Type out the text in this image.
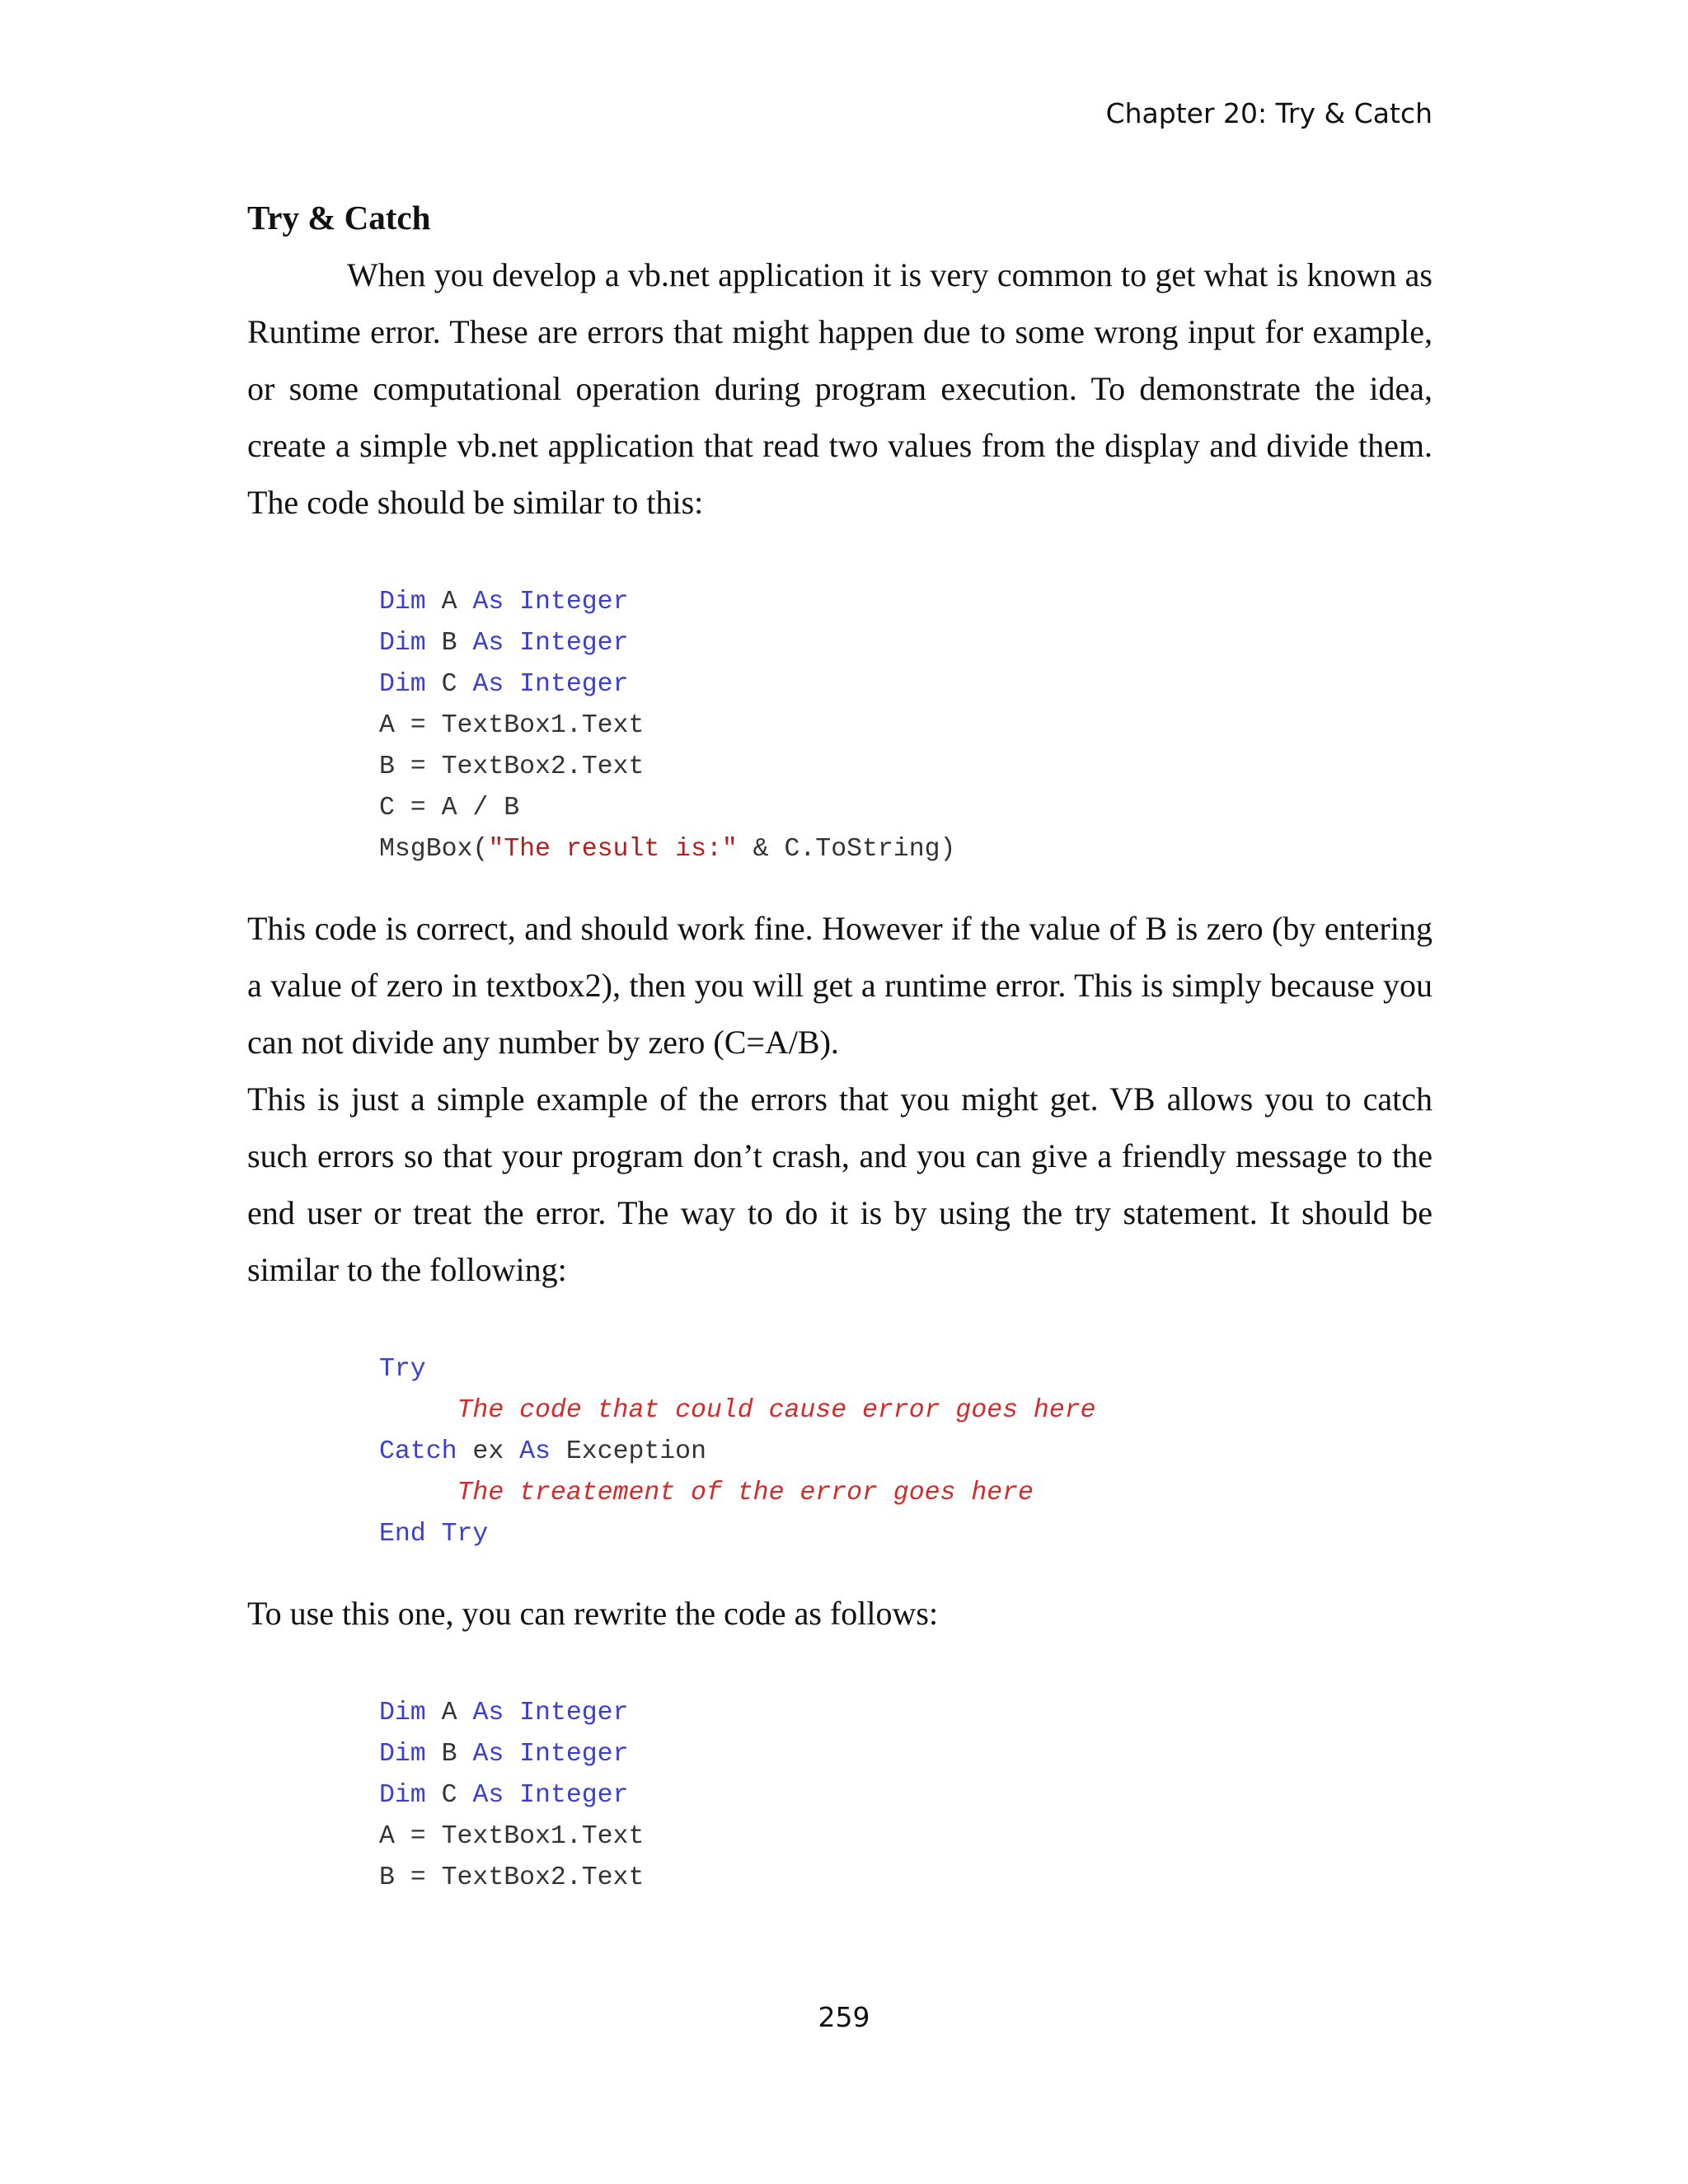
Chapter 20: Try & Catch
Try & Catch

When you develop a vb.net application it is very common to get what is known as Runtime error. These are errors that might happen due to some wrong input for example, or some computational operation during program execution. To demonstrate the idea, create a simple vb.net application that read two values from the display and divide them. The code should be similar to this:

Dim A As Integer
Dim B As Integer
Dim C As Integer
A = TextBox1.Text
B = TextBox2.Text
C = A / B
MsgBox("The result is:" & C.ToString)

This code is correct, and should work fine. However if the value of B is zero (by entering a value of zero in textbox2), then you will get a runtime error. This is simply because you can not divide any number by zero (C=A/B).

This is just a simple example of the errors that you might get. VB allows you to catch such errors so that your program don’t crash, and you can give a friendly message to the end user or treat the error. The way to do it is by using the try statement. It should be similar to the following:

Try
The code that could cause error goes here
Catch ex As Exception
The treatement of the error goes here
End Try

To use this one, you can rewrite the code as follows:

Dim A As Integer
Dim B As Integer
Dim C As Integer
A = TextBox1.Text
B = TextBox2.Text
259
